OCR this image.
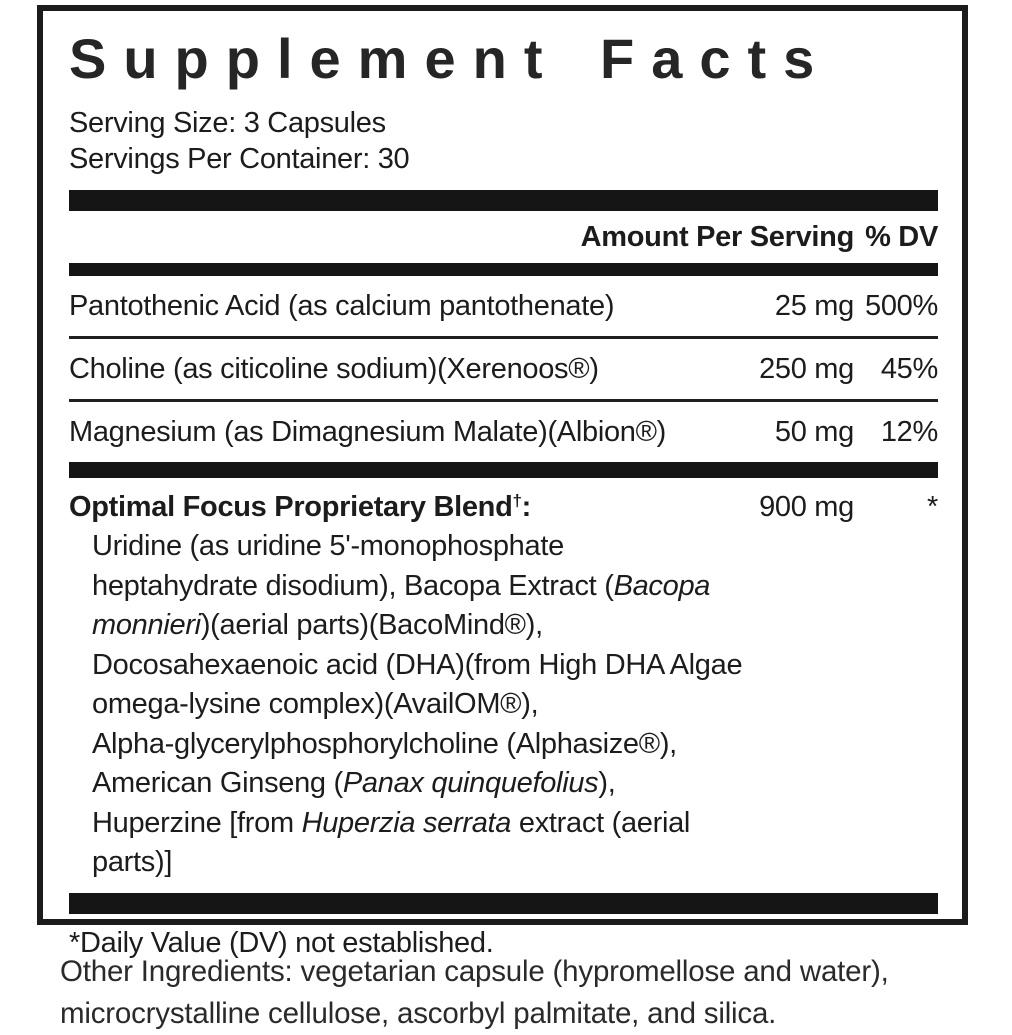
Supplement Facts
Serving Size: 3 Capsules
Servings Per Container: 30
Amount Per Serving % DV
Pantothenic Acid (as calcium pantothenate)	25 mg 500%
Choline (as citicoline sodium)(Xerenoos®)	250 mg 45%
Magnesium (as Dimagnesium Malate)(Albion®)	50 mg 12%
Optimal Focus Proprietary Blend†:	900 mg	*
Uridine (as uridine 5'-monophosphate
heptahydrate disodium), Bacopa Extract (Bacopa
monnieri)(aerial parts)(BacoMind®),
Docosahexaenoic acid (DHA)(from High DHA Algae
omega-lysine complex)(AvailOM®),
Alpha-glycerylphosphorylcholine (Alphasize®),
American Ginseng (Panax quinquefolius),
Huperzine [from Huperzia serrata extract (aerial
parts)]
*Daily Value (DV) not established.
Other Ingredients: vegetarian capsule (hypromellose and water), microcrystalline cellulose, ascorbyl palmitate, and silica.
